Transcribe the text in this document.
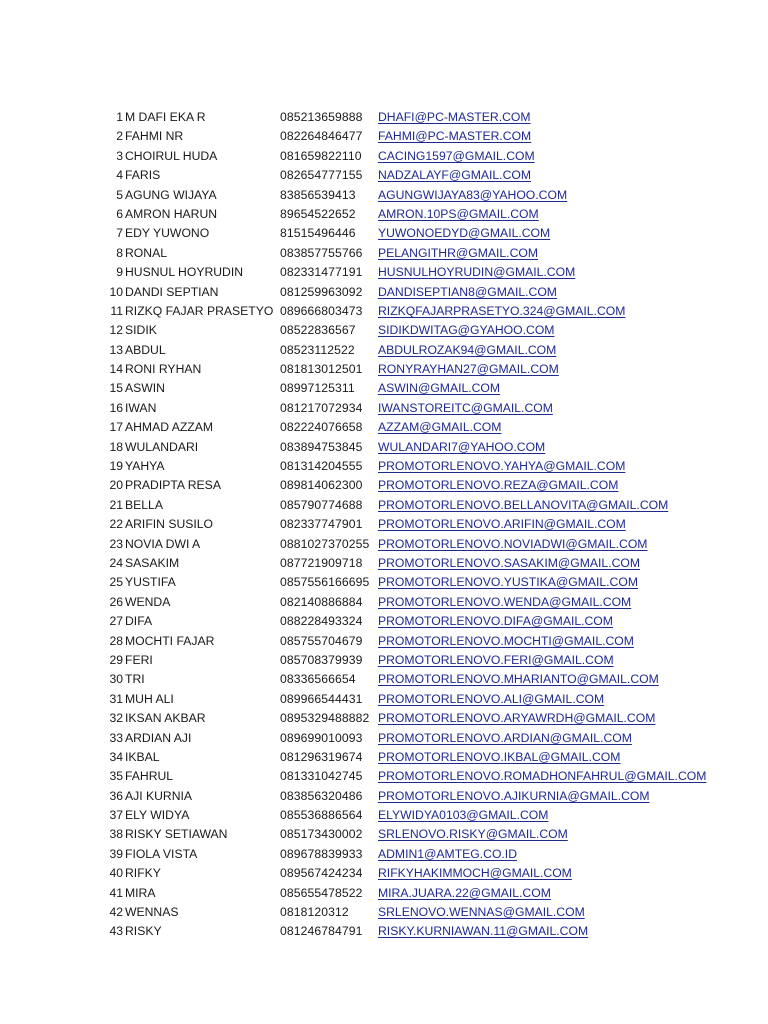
1 M DAFI EKA R	085213659888 DHAFI@PC-MASTER.COM
2 FAHMI NR	082264846477 FAHMI@PC-MASTER.COM
3 CHOIRUL HUDA	081659822110 CACING1597@GMAIL.COM
4 FARIS	082654777155 NADZALAYF@GMAIL.COM
5 AGUNG WIJAYA	83856539413 AGUNGWIJAYA83@YAHOO.COM
6 AMRON HARUN	89654522652 AMRON.10PS@GMAIL.COM
7 EDY YUWONO	81515496446 YUWONOEDYD@GMAIL.COM
8 RONAL	083857755766 PELANGITHR@GMAIL.COM
9 HUSNUL HOYRUDIN	082331477191 HUSNULHOYRUDIN@GMAIL.COM
10 DANDI SEPTIAN	081259963092 DANDISEPTIAN8@GMAIL.COM
11 RIZKQ FAJAR PRASETYO 089666803473 RIZKQFAJARPRASETYO.324@GMAIL.COM
12 SIDIK	08522836567 SIDIKDWITAG@GYAHOO.COM
13 ABDUL	08523112522 ABDULROZAK94@GMAIL.COM
14 RONI RYHAN	081813012501 RONYRAYHAN27@GMAIL.COM
15 ASWIN	08997125311 ASWIN@GMAIL.COM
16 IWAN	081217072934 IWANSTOREITC@GMAIL.COM
17 AHMAD AZZAM	082224076658 AZZAM@GMAIL.COM
18 WULANDARI	083894753845 WULANDARI7@YAHOO.COM
19 YAHYA	081314204555 PROMOTORLENOVO.YAHYA@GMAIL.COM
20 PRADIPTA RESA	089814062300 PROMOTORLENOVO.REZA@GMAIL.COM
21 BELLA	085790774688 PROMOTORLENOVO.BELLANOVITA@GMAIL.COM
22 ARIFIN SUSILO	082337747901 PROMOTORLENOVO.ARIFIN@GMAIL.COM
23 NOVIA DWI A	0881027370255 PROMOTORLENOVO.NOVIADWI@GMAIL.COM
24 SASAKIM	087721909718 PROMOTORLENOVO.SASAKIM@GMAIL.COM
25 YUSTIFA	0857556166695 PROMOTORLENOVO.YUSTIKA@GMAIL.COM
26 WENDA	082140886884 PROMOTORLENOVO.WENDA@GMAIL.COM
27 DIFA	088228493324 PROMOTORLENOVO.DIFA@GMAIL.COM
28 MOCHTI FAJAR	085755704679 PROMOTORLENOVO.MOCHTI@GMAIL.COM
29 FERI	085708379939 PROMOTORLENOVO.FERI@GMAIL.COM
30 TRI	08336566654 PROMOTORLENOVO.MHARIANTO@GMAIL.COM
31 MUH ALI	089966544431 PROMOTORLENOVO.ALI@GMAIL.COM
32 IKSAN AKBAR	0895329488882 PROMOTORLENOVO.ARYAWRDH@GMAIL.COM
33 ARDIAN AJI	089699010093 PROMOTORLENOVO.ARDIAN@GMAIL.COM
34 IKBAL	081296319674 PROMOTORLENOVO.IKBAL@GMAIL.COM
35 FAHRUL	081331042745 PROMOTORLENOVO.ROMADHONFAHRUL@GMAIL.COM
36 AJI KURNIA	083856320486 PROMOTORLENOVO.AJIKURNIA@GMAIL.COM
37 ELY WIDYA	085536886564 ELYWIDYA0103@GMAIL.COM
38 RISKY SETIAWAN	085173430002 SRLENOVO.RISKY@GMAIL.COM
39 FIOLA VISTA	089678839933 ADMIN1@AMTEG.CO.ID
40 RIFKY	089567424234 RIFKYHAKIMMOCH@GMAIL.COM
41 MIRA	085655478522 MIRA.JUARA.22@GMAIL.COM
42 WENNAS	0818120312 SRLENOVO.WENNAS@GMAIL.COM
43 RISKY	081246784791 RISKY.KURNIAWAN.11@GMAIL.COM
